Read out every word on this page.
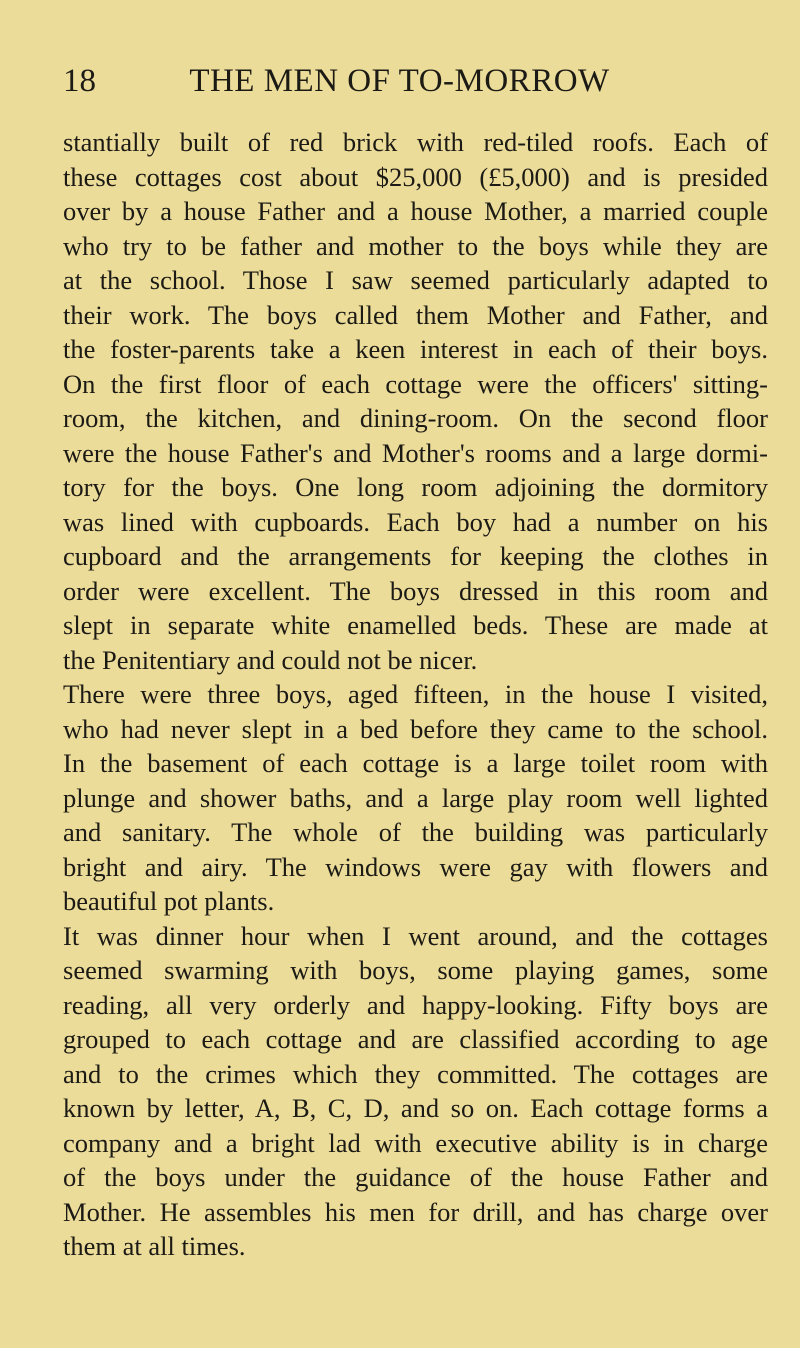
18	THE MEN OF TO-MORROW
stantially built of red brick with red-tiled roofs. Each of
these cottages cost about $25,000 (£5,000) and is presided
over by a house Father and a house Mother, a married couple
who try to be father and mother to the boys while they are
at the school. Those I saw seemed particularly adapted to
their work. The boys called them Mother and Father, and
the foster-parents take a keen interest in each of their boys.
On the first floor of each cottage were the officers' sitting-
room, the kitchen, and dining-room. On the second floor
were the house Father's and Mother's rooms and a large dormi-
tory for the boys. One long room adjoining the dormitory
was lined with cupboards. Each boy had a number on his
cupboard and the arrangements for keeping the clothes in
order were excellent. The boys dressed in this room and
slept in separate white enamelled beds. These are made at
the Penitentiary and could not be nicer.
There were three boys, aged fifteen, in the house I visited,
who had never slept in a bed before they came to the school.
In the basement of each cottage is a large toilet room with
plunge and shower baths, and a large play room well lighted
and sanitary. The whole of the building was particularly
bright and airy. The windows were gay with flowers and
beautiful pot plants.
It was dinner hour when I went around, and the cottages
seemed swarming with boys, some playing games, some
reading, all very orderly and happy-looking. Fifty boys are
grouped to each cottage and are classified according to age
and to the crimes which they committed. The cottages are
known by letter, A, B, C, D, and so on. Each cottage forms a
company and a bright lad with executive ability is in charge
of the boys under the guidance of the house Father and
Mother. He assembles his men for drill, and has charge over
them at all times.
